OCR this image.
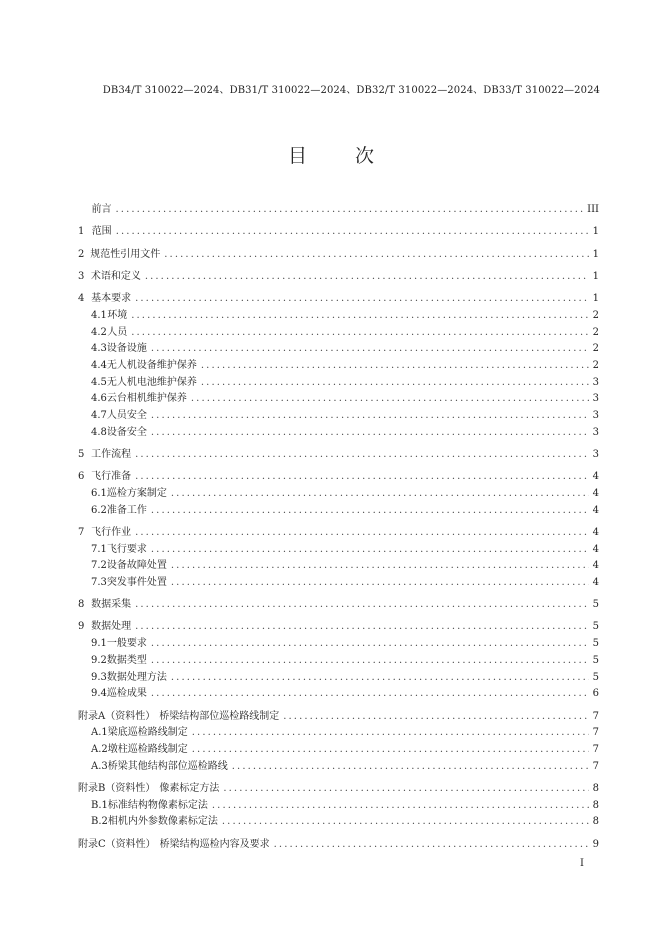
DB34/T 310022—2024、DB31/T 310022—2024、DB32/T 310022—2024、DB33/T 310022—2024
目	次
前言 .....	III
1 范围 .....	1
2 规范性引用文件 .....	1
3 术语和定义 .....	1
4 基本要求 .....	1
4.1 环境 .....	2
4.2 人员 .....	2
4.3 设备设施 .....	2
4.4 无人机设备维护保养 .....	2
4.5 无人机电池维护保养 .....	3
4.6 云台相机维护保养 .....	3
4.7 人员安全 .....	3
4.8 设备安全 .....	3
5 工作流程 .....	3
6 飞行准备 .....	4
6.1 巡检方案制定 .....	4
6.2 准备工作 .....	4
7 飞行作业 .....	4
7.1 飞行要求 .....	4
7.2 设备故障处置 .....	4
7.3 突发事件处置 .....	4
8 数据采集 .....	5
9 数据处理 .....	5
9.1 一般要求 .....	5
9.2 数据类型 .....	5
9.3 数据处理方法 .....	5
9.4 巡检成果 .....	6
附录A（资料性） 桥梁结构部位巡检路线制定 .....	7
A.1 梁底巡检路线制定 .....	7
A.2 墩柱巡检路线制定 .....	7
A.3 桥梁其他结构部位巡检路线 .....	7
附录B（资料性） 像素标定方法 .....	8
B.1 标准结构物像素标定法 .....	8
B.2 相机内外参数像素标定法 .....	8
附录C（资料性） 桥梁结构巡检内容及要求 .....	9
I
